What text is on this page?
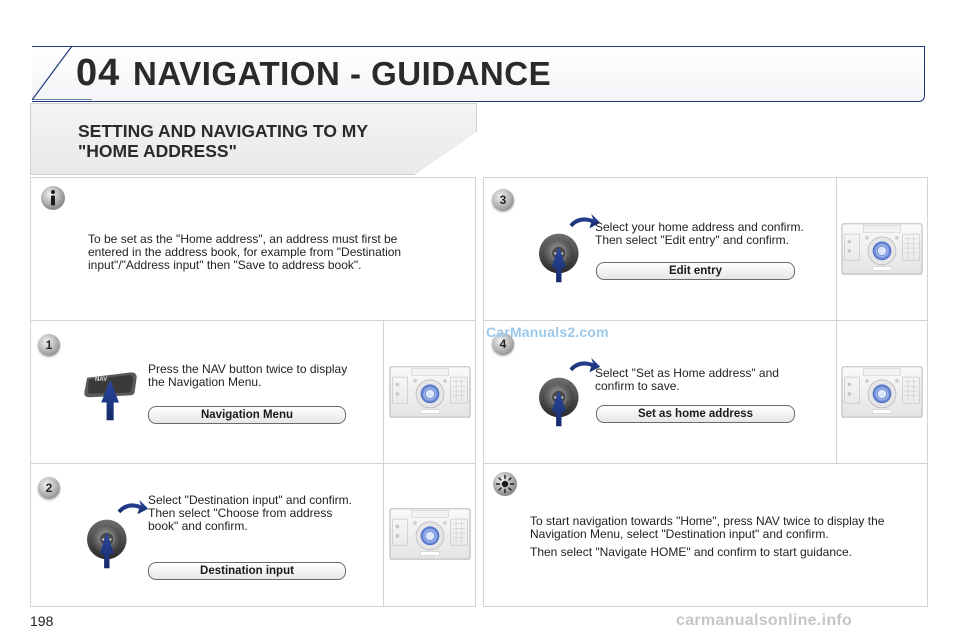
04 NAVIGATION - GUIDANCE
SETTING AND NAVIGATING TO MY
"HOME ADDRESS"
To be set as the "Home address", an address must first be
entered in the address book, for example from "Destination
input"/"Address input" then "Save to address book".
1
NAV
Press the NAV button twice to display
the Navigation Menu.
Navigation Menu
2
Select "Destination input" and confirm.
Then select "Choose from address
book" and confirm.
Destination input
3
Select your home address and confirm.
Then select "Edit entry" and confirm.
Edit entry
4
Select "Set as Home address" and
confirm to save.
Set as home address
To start navigation towards "Home", press NAV twice to display the
Navigation Menu, select "Destination input" and confirm.
Then select "Navigate HOME" and confirm to start guidance.
CarManuals2.com
198	carmanualsonline.info
